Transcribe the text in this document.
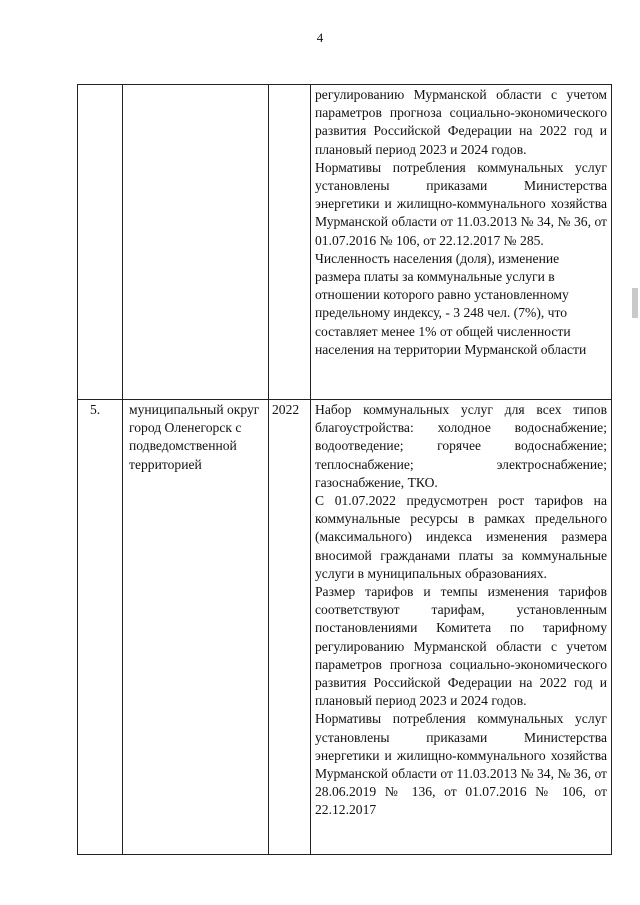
4

			регулированию Мурманской области с учетом параметров прогноза социально-экономического развития Российской Федерации на 2022 год и плановый период 2023 и 2024 годов.

Нормативы потребления коммунальных услуг установлены приказами Министерства энергетики и жилищно-коммунального хозяйства Мурманской области от 11.03.2013 № 34, № 36, от 01.07.2016 № 106, от 22.12.2017 № 285.

Численность населения (доля), изменение размера платы за коммунальные услуги в отношении которого равно установленному предельному индексу, - 3 248 чел. (7%), что составляет менее 1% от общей численности населения на территории Мурманской области

5.	муниципальный округ город Оленегорск с подведомственной территорией	2022	Набор коммунальных услуг для всех типов благоустройства: холодное водоснабжение; водоотведение; горячее водоснабжение; теплоснабжение; электроснабжение; газоснабжение, ТКО.

С 01.07.2022 предусмотрен рост тарифов на коммунальные ресурсы в рамках предельного (максимального) индекса изменения размера вносимой гражданами платы за коммунальные услуги в муниципальных образованиях.

Размер тарифов и темпы изменения тарифов соответствуют тарифам, установленным постановлениями Комитета по тарифному регулированию Мурманской области с учетом параметров прогноза социально-экономического развития Российской Федерации на 2022 год и плановый период 2023 и 2024 годов.

Нормативы потребления коммунальных услуг установлены приказами Министерства энергетики и жилищно-коммунального хозяйства Мурманской области от 11.03.2013 № 34, № 36, от 28.06.2019 № 136, от 01.07.2016 № 106, от 22.12.2017
